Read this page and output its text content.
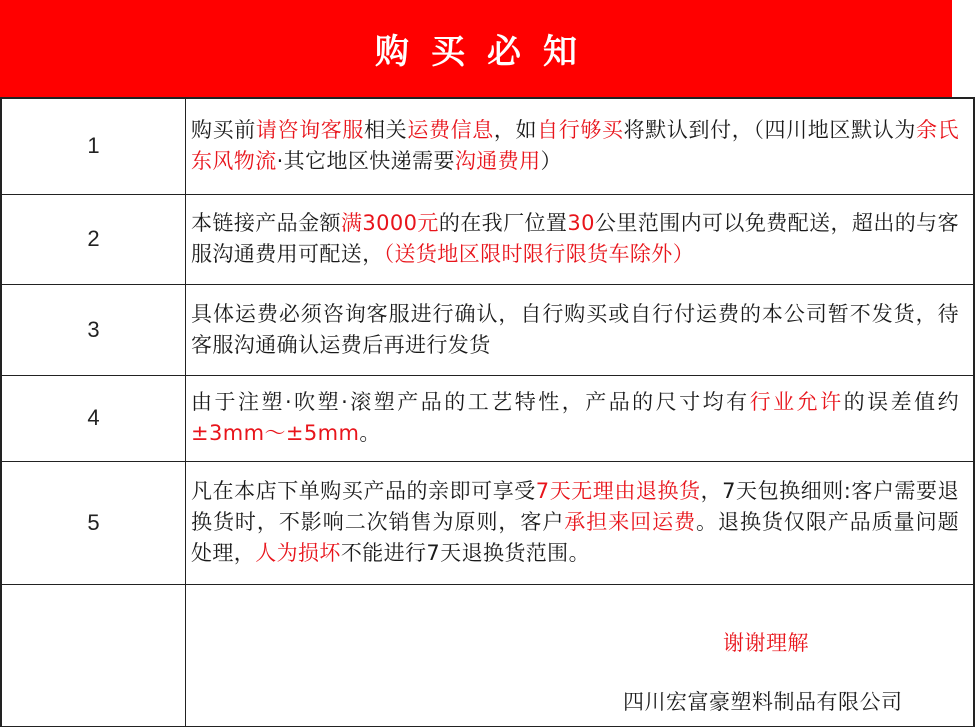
购买必知
1	购买前请咨询客服相关运费信息，如自行够买将默认到付，（四川地区默认为余氏东风物流·其它地区快递需要沟通费用）
2	本链接产品金额满3000元的在我厂位置30公里范围内可以免费配送，超出的与客服沟通费用可配送，（送货地区限时限行限货车除外）
3	具体运费必须咨询客服进行确认，自行购买或自行付运费的本公司暂不发货，待客服沟通确认运费后再进行发货
4	由于注塑·吹塑·滚塑产品的工艺特性，产品的尺寸均有行业允许的误差值约±3mm～±5mm。
5	凡在本店下单购买产品的亲即可享受7天无理由退换货，7天包换细则:客户需要退换货时，不影响二次销售为原则，客户承担来回运费。退换货仅限产品质量问题处理，人为损坏不能进行7天退换货范围。

	谢谢理解
四川宏富豪塑料制品有限公司
